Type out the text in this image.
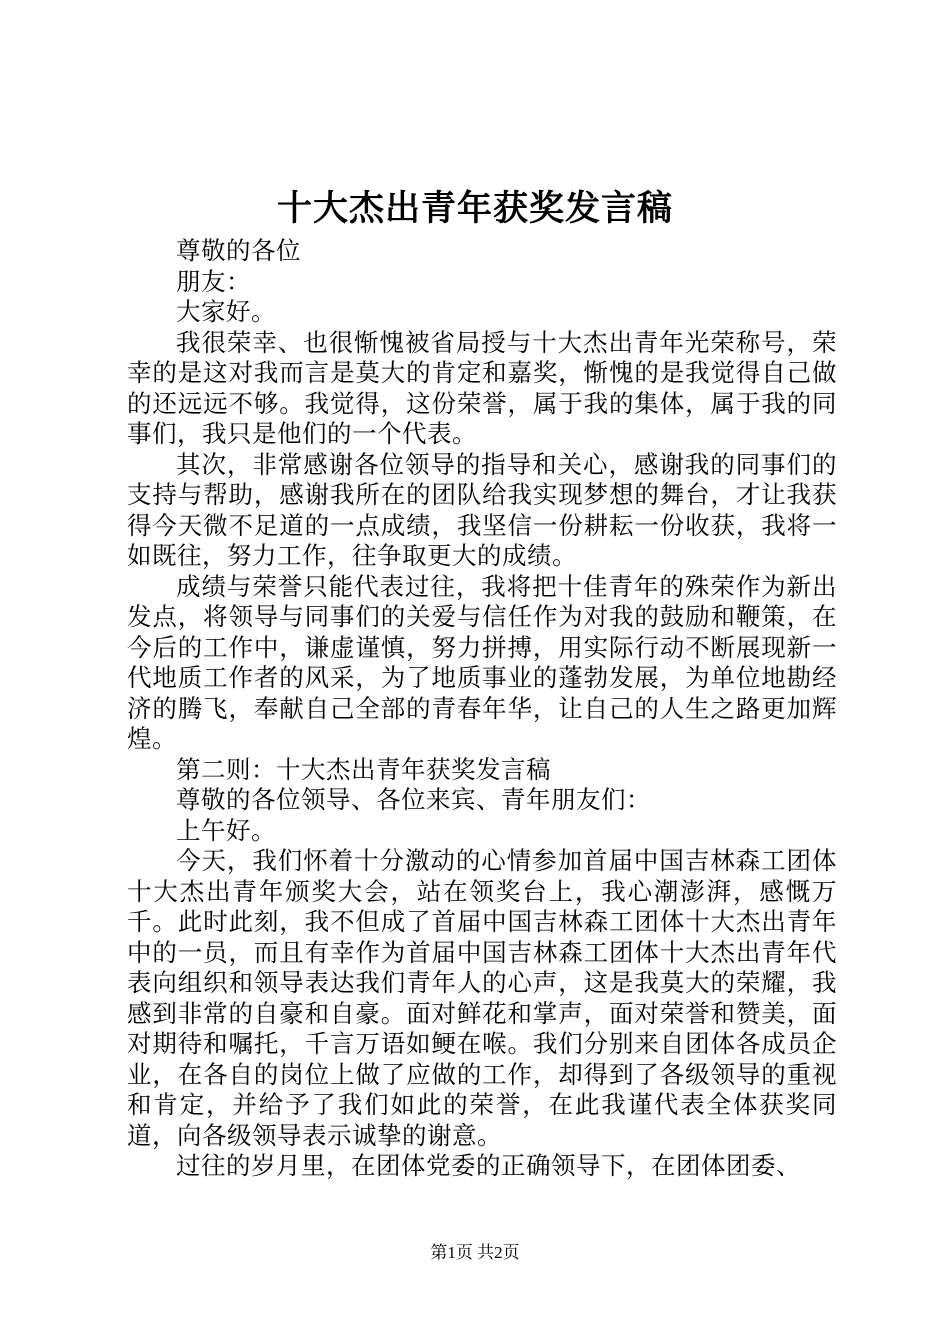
十大杰出青年获奖发言稿

尊敬的各位

朋友：

大家好。

我很荣幸、也很惭愧被省局授与十大杰出青年光荣称号，荣幸的是这对我而言是莫大的肯定和嘉奖，惭愧的是我觉得自己做的还远远不够。我觉得，这份荣誉，属于我的集体，属于我的同事们，我只是他们的一个代表。

其次，非常感谢各位领导的指导和关心，感谢我的同事们的支持与帮助，感谢我所在的团队给我实现梦想的舞台，才让我获得今天微不足道的一点成绩，我坚信一份耕耘一份收获，我将一如既往，努力工作，往争取更大的成绩。

成绩与荣誉只能代表过往，我将把十佳青年的殊荣作为新出发点，将领导与同事们的关爱与信任作为对我的鼓励和鞭策，在今后的工作中，谦虚谨慎，努力拼搏，用实际行动不断展现新一代地质工作者的风采，为了地质事业的蓬勃发展，为单位地勘经济的腾飞，奉献自己全部的青春年华，让自己的人生之路更加辉煌。

第二则：十大杰出青年获奖发言稿

尊敬的各位领导、各位来宾、青年朋友们：

上午好。

今天，我们怀着十分激动的心情参加首届中国吉林森工团体十大杰出青年颁奖大会，站在领奖台上，我心潮澎湃，感慨万千。此时此刻，我不但成了首届中国吉林森工团体十大杰出青年中的一员，而且有幸作为首届中国吉林森工团体十大杰出青年代表向组织和领导表达我们青年人的心声，这是我莫大的荣耀，我感到非常的自豪和自豪。面对鲜花和掌声，面对荣誉和赞美，面对期待和嘱托，千言万语如鲠在喉。我们分别来自团体各成员企业，在各自的岗位上做了应做的工作，却得到了各级领导的重视和肯定，并给予了我们如此的荣誉，在此我谨代表全体获奖同道，向各级领导表示诚挚的谢意。

过往的岁月里，在团体党委的正确领导下，在团体团委、

第1页 共2页
